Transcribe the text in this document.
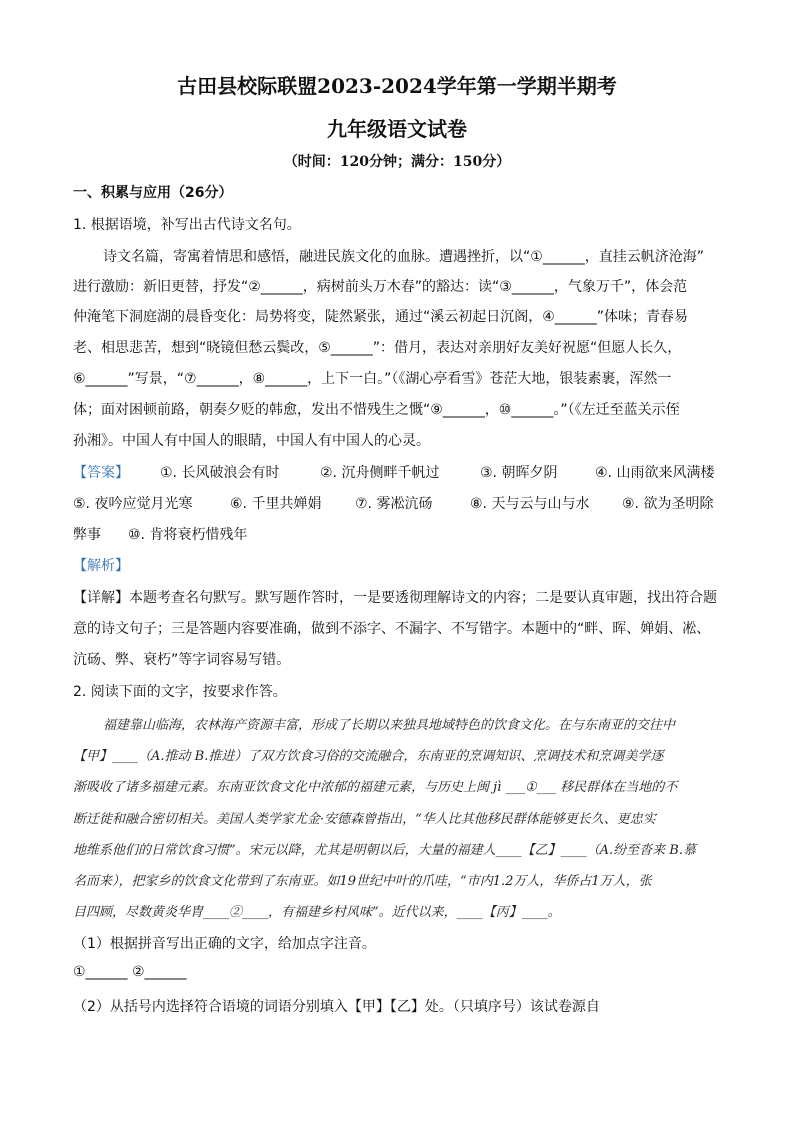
古田县校际联盟2023-2024学年第一学期半期考
九年级语文试卷
（时间：120分钟；满分：150分）
一、积累与应用（26分）
1. 根据语境，补写出古代诗文名句。
诗文名篇，寄寓着情思和感悟，融进民族文化的血脉。遭遇挫折，以“①______，直挂云帆济沧海”
进行激励：新旧更替，抒发“②______，病树前头万木春”的豁达：读“③______，气象万千”，体会范
仲淹笔下洞庭湖的晨昏变化：局势将变，陡然紧张，通过“溪云初起日沉阁，④______”体味；青春易
老、相思悲苦，想到“晓镜但愁云鬓改，⑤______”：借月，表达对亲朋好友美好祝愿“但愿人长久，
⑥______”写景，“⑦______，⑧______，上下一白。”（《湖心亭看雪》苍茫大地，银装素裹，浑然一
体；面对困顿前路，朝奏夕贬的韩愈，发出不惜残生之慨“⑨______，⑩______。”（《左迁至蓝关示侄
孙湘》。中国人有中国人的眼睛，中国人有中国人的心灵。
【答案】 ①. 长风破浪会有时	②. 沉舟侧畔千帆过	③. 朝晖夕阴	④. 山雨欲来风满楼
⑤. 夜吟应觉月光寒	⑥. 千里共婵娟 ⑦. 雾凇沆砀	⑧. 天与云与山与水 ⑨. 欲为圣明除
弊事 ⑩. 肯将衰朽惜残年
【解析】
【详解】本题考查名句默写。默写题作答时，一是要透彻理解诗文的内容；二是要认真审题，找出符合题
意的诗文句子；三是答题内容要准确，做到不添字、不漏字、不写错字。本题中的“畔、晖、婵娟、凇、
沆砀、弊、衰朽”等字词容易写错。
2. 阅读下面的文字，按要求作答。
福建靠山临海，农林海产资源丰富，形成了长期以来独具地域特色的饮食文化。在与东南亚的交往中
【甲】____（A.推动 B.推进）了双方饮食习俗的交流融合，东南亚的烹调知识、烹调技术和烹调美学逐
渐吸收了诸多福建元素。东南亚饮食文化中浓郁的福建元素，与历史上闽 jì ___①___ 移民群体在当地的不
断迁徙和融合密切相关。美国人类学家尤金·安德森曾指出，“华人比其他移民群体能够更长久、更忠实
地维系他们的日常饮食习惯”。宋元以降，尤其是明朝以后，大量的福建人____【乙】____（A.纷至沓来 B.慕
名而来），把家乡的饮食文化带到了东南亚。如19世纪中叶的爪哇，“市内1.2万人，华侨占1万人，张
目四顾，尽数黄炎华胄____②____，有福建乡村风味”。近代以来，____【丙】____。
（1）根据拼音写出正确的文字，给加点字注音。
①______ ②______
（2）从括号内选择符合语境的词语分别填入【甲】【乙】处。（只填序号）该试卷源自
